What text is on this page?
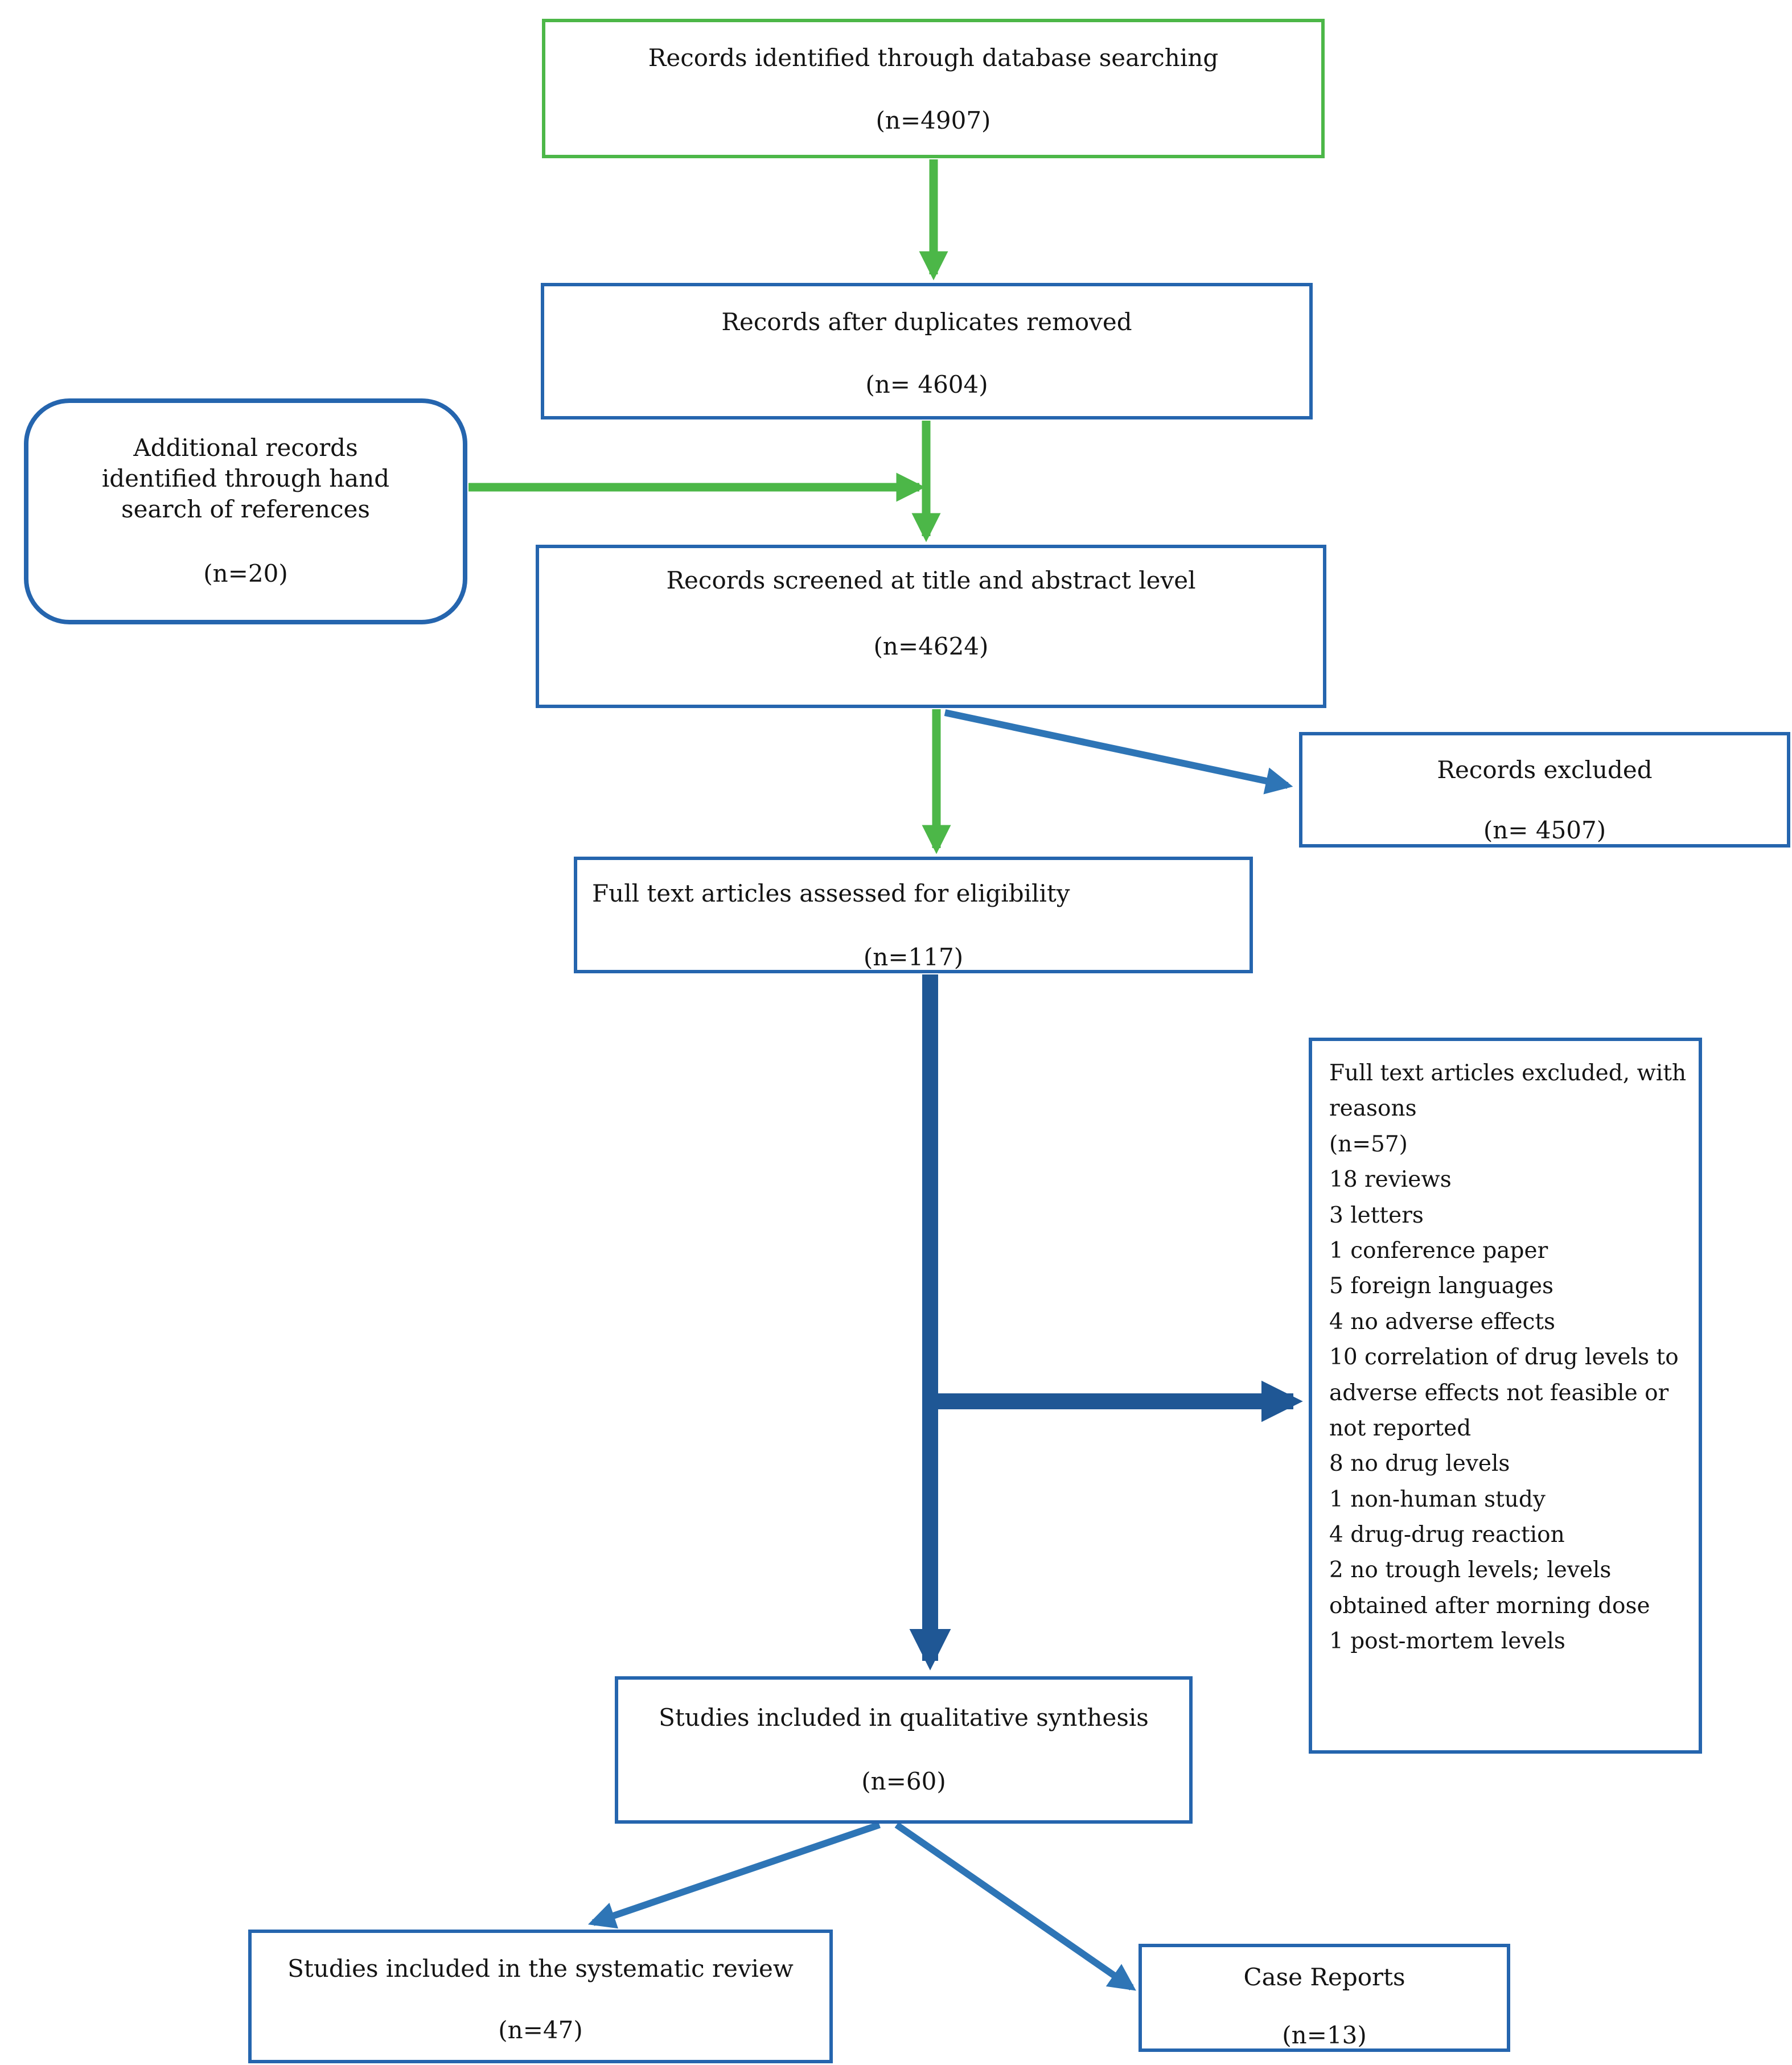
Records identified through database searching
(n=4907)
Records after duplicates removed
(n= 4604)
Additional records identified through hand search of references
(n=20)	Records screened at title and abstract level
(n=4624)
Records excluded
(n= 4507)
Full text articles assessed for eligibility
(n=117)
Full text articles excluded, with reasons
(n=57)
18 reviews
3 letters
1 conference paper
5 foreign languages
4 no adverse effects
10 correlation of drug levels to adverse effects not feasible or not reported
8 no drug levels
1 non-human study
4 drug-drug reaction
2 no trough levels; levels obtained after morning dose
1 post-mortem levels
Studies included in qualitative synthesis
(n=60)
Studies included in the systematic review
(n=47)
Case Reports
(n=13)
